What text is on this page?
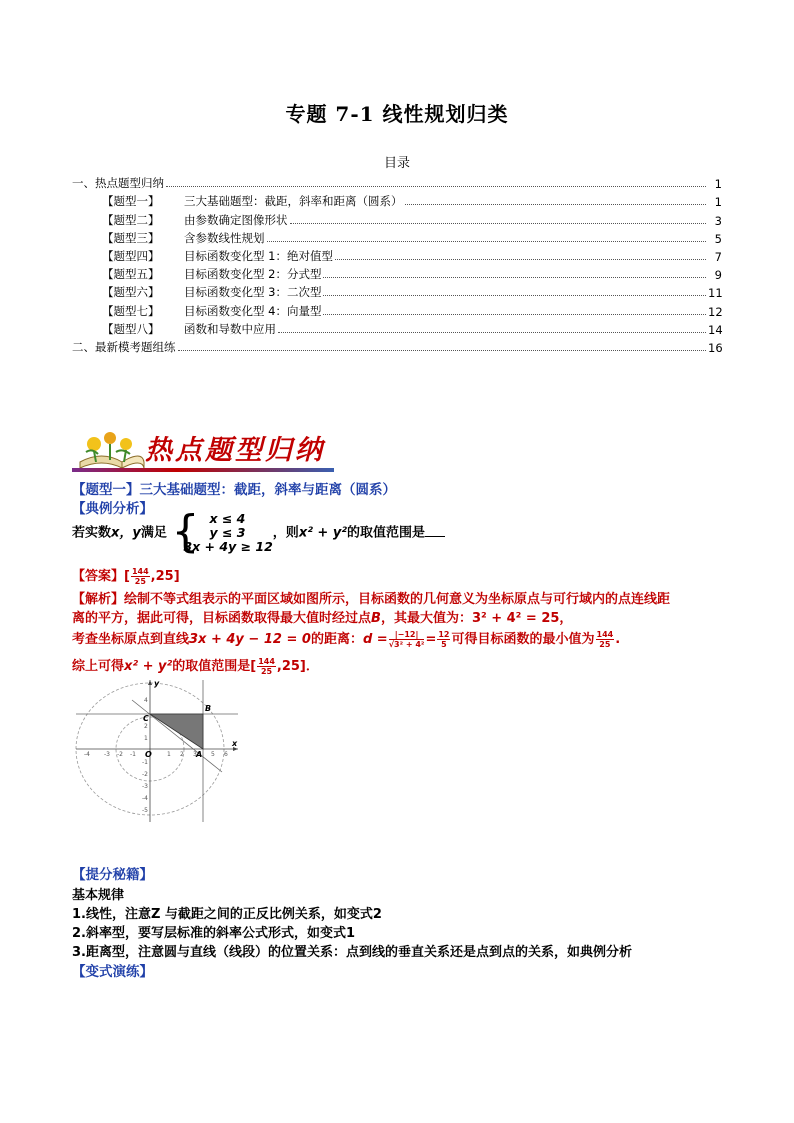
专题 7-1 线性规划归类
目录
一、热点题型归纳	1
【题型一】	三大基础题型：截距，斜率和距离（圆系）	1
【题型二】	由参数确定图像形状	3
【题型三】	含参数线性规划	5
【题型四】	目标函数变化型 1：绝对值型	7
【题型五】	目标函数变化型 2：分式型	9
【题型六】	目标函数变化型 3：二次型	11
【题型七】	目标函数变化型 4：向量型	12
【题型八】	函数和导数中应用	14
二、最新模考题组练	16
热点题型归纳
【题型一】三大基础题型：截距，斜率与距离（圆系）
【典例分析】
若实数x，y满足 { x ≤ 4
y ≤ 3
3x + 4y ≥ 12
，则x² + y²的取值范围是
【答案】[ $\frac{144}{25} ,25$]
【解析】绘制不等式组表示的平面区域如图所示，目标函数的几何意义为坐标原点与可行域内的点连线距
离的平方，据此可得，目标函数取得最大值时经过点B，其最大值为：3² + 4² = 25，
考查坐标原点到直线3x + 4y − 12 = 0的距离：$d = \frac{|-12|}{\text{√3² + 4²}} = \frac{12}{5}$ 可得目标函数的最小值为 $\frac{144}{25}$ .
综上可得x² + y²的取值范围是[ $\frac{144}{25} ,25$]．
-4 -3 -2 -1	1 2 3 5 6
4
2
1
-1
-2
-3
-4
-5
y
x
C
B
O	A
【提分秘籍】
基本规律
1.线性，注意Z 与截距之间的正反比例关系，如变式2
2.斜率型，要写层标准的斜率公式形式，如变式1
3.距离型，注意圆与直线（线段）的位置关系：点到线的垂直关系还是点到点的关系，如典例分析
【变式演练】
